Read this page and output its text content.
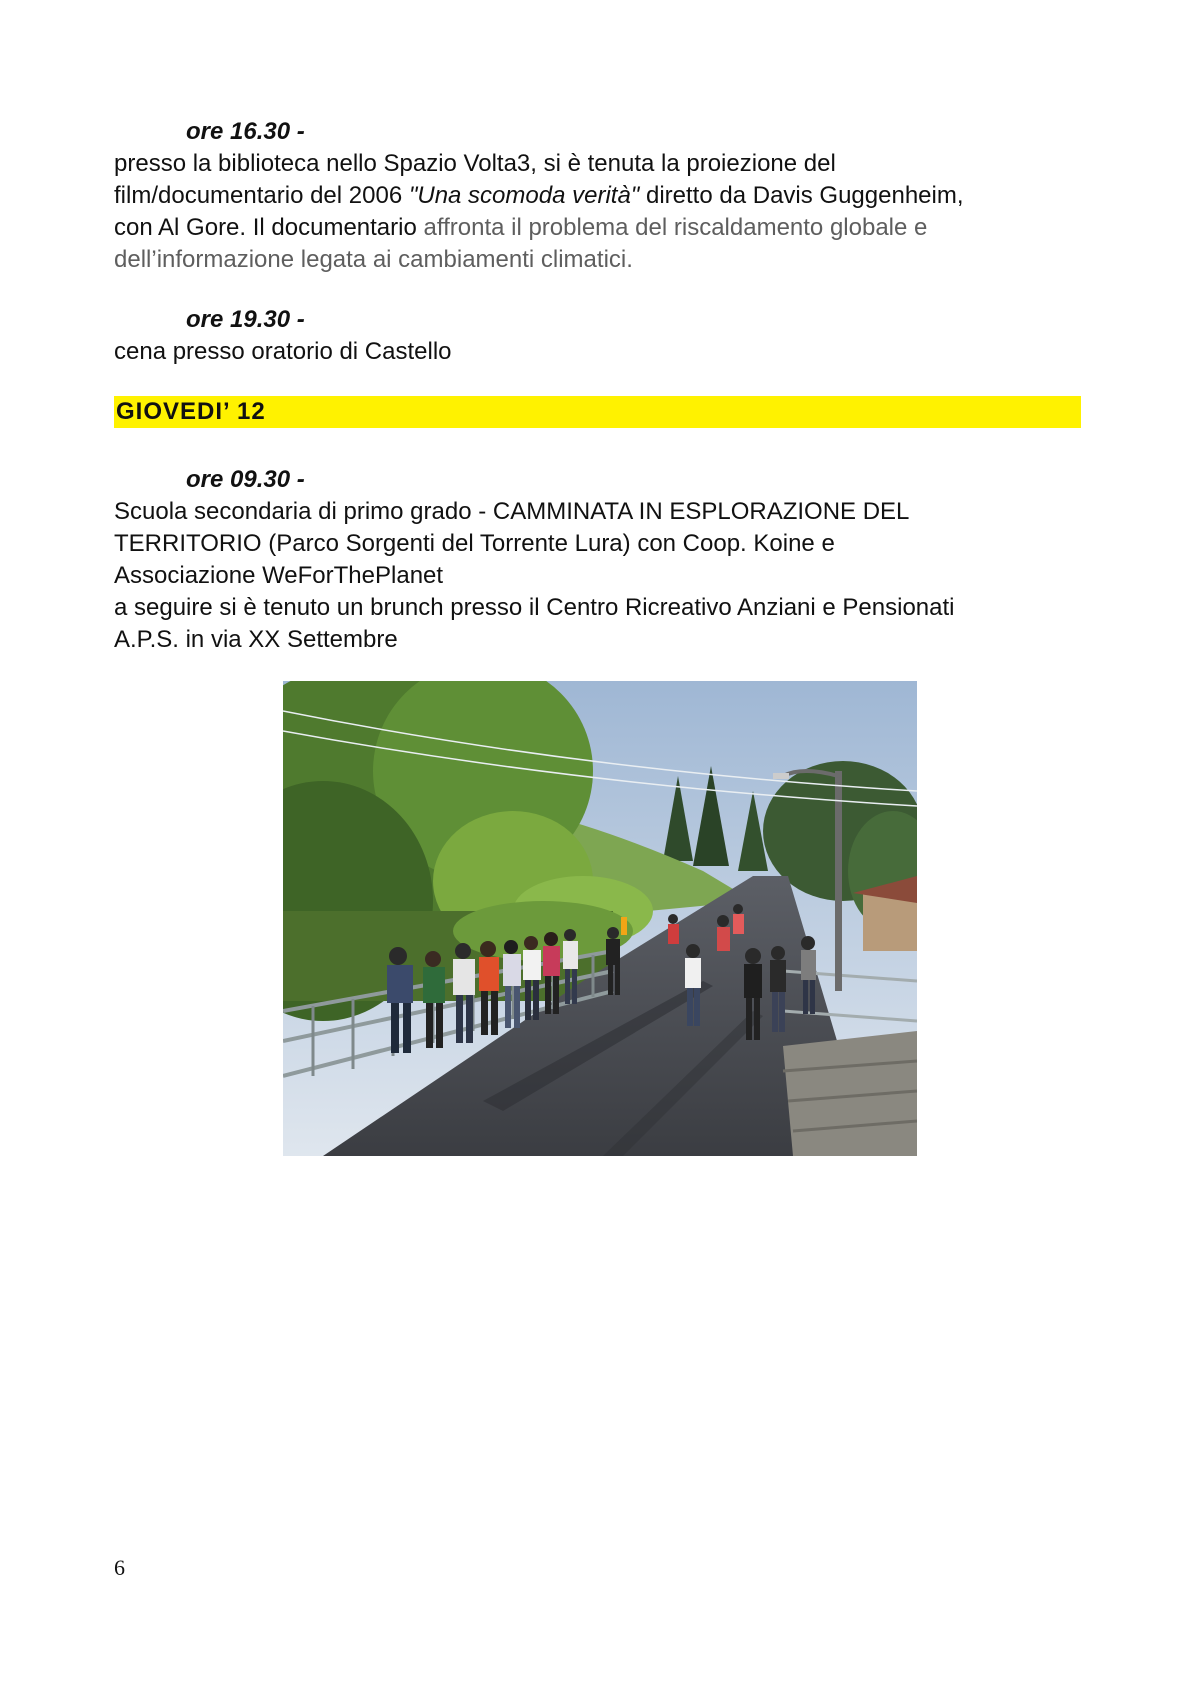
ore 16.30 -
presso la biblioteca nello Spazio Volta3, si è tenuta la proiezione del
film/documentario del 2006 "Una scomoda verità" diretto da Davis Guggenheim,
con Al Gore. Il documentario affronta il problema del riscaldamento globale e
dell’informazione legata ai cambiamenti climatici.
ore 19.30 -
cena presso oratorio di Castello
GIOVEDI’ 12
ore 09.30 -
Scuola secondaria di primo grado - CAMMINATA IN ESPLORAZIONE DEL
TERRITORIO (Parco Sorgenti del Torrente Lura) con Coop. Koine e
Associazione WeForThePlanet
a seguire si è tenuto un brunch presso il Centro Ricreativo Anziani e Pensionati
A.P.S. in via XX Settembre
6
